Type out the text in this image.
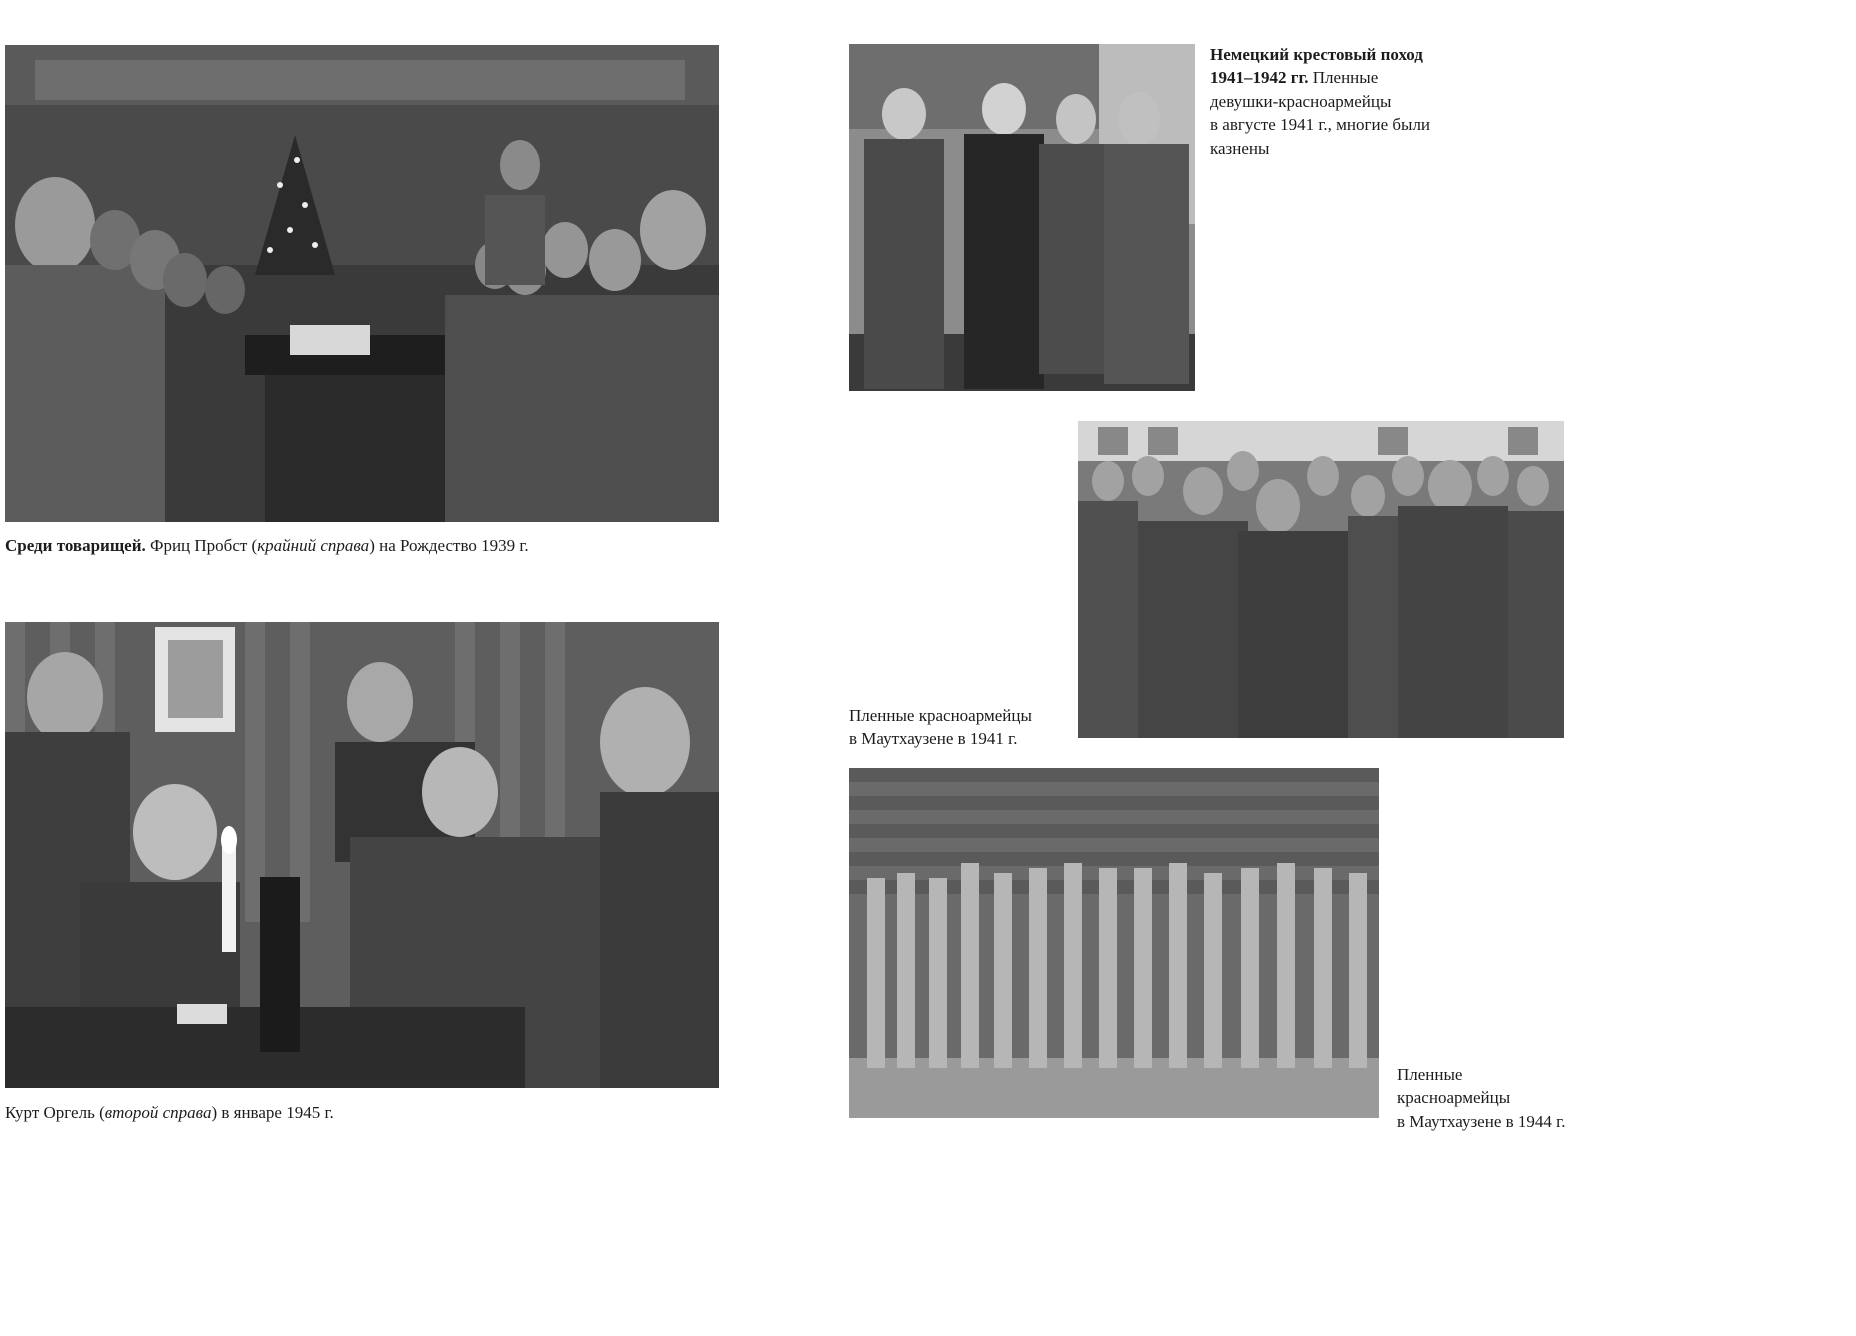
Среди товарищей. Фриц Пробст (крайний справа) на Рождество 1939 г.
Курт Оргель (второй справа) в январе 1945 г.
Немецкий крестовый поход
1941–1942 гг. Пленные
девушки-красноармейцы
в августе 1941 г., многие были
казнены
Пленные красноармейцы
в Маутхаузене в 1941 г.
Пленные
красноармейцы
в Маутхаузене в 1944 г.
